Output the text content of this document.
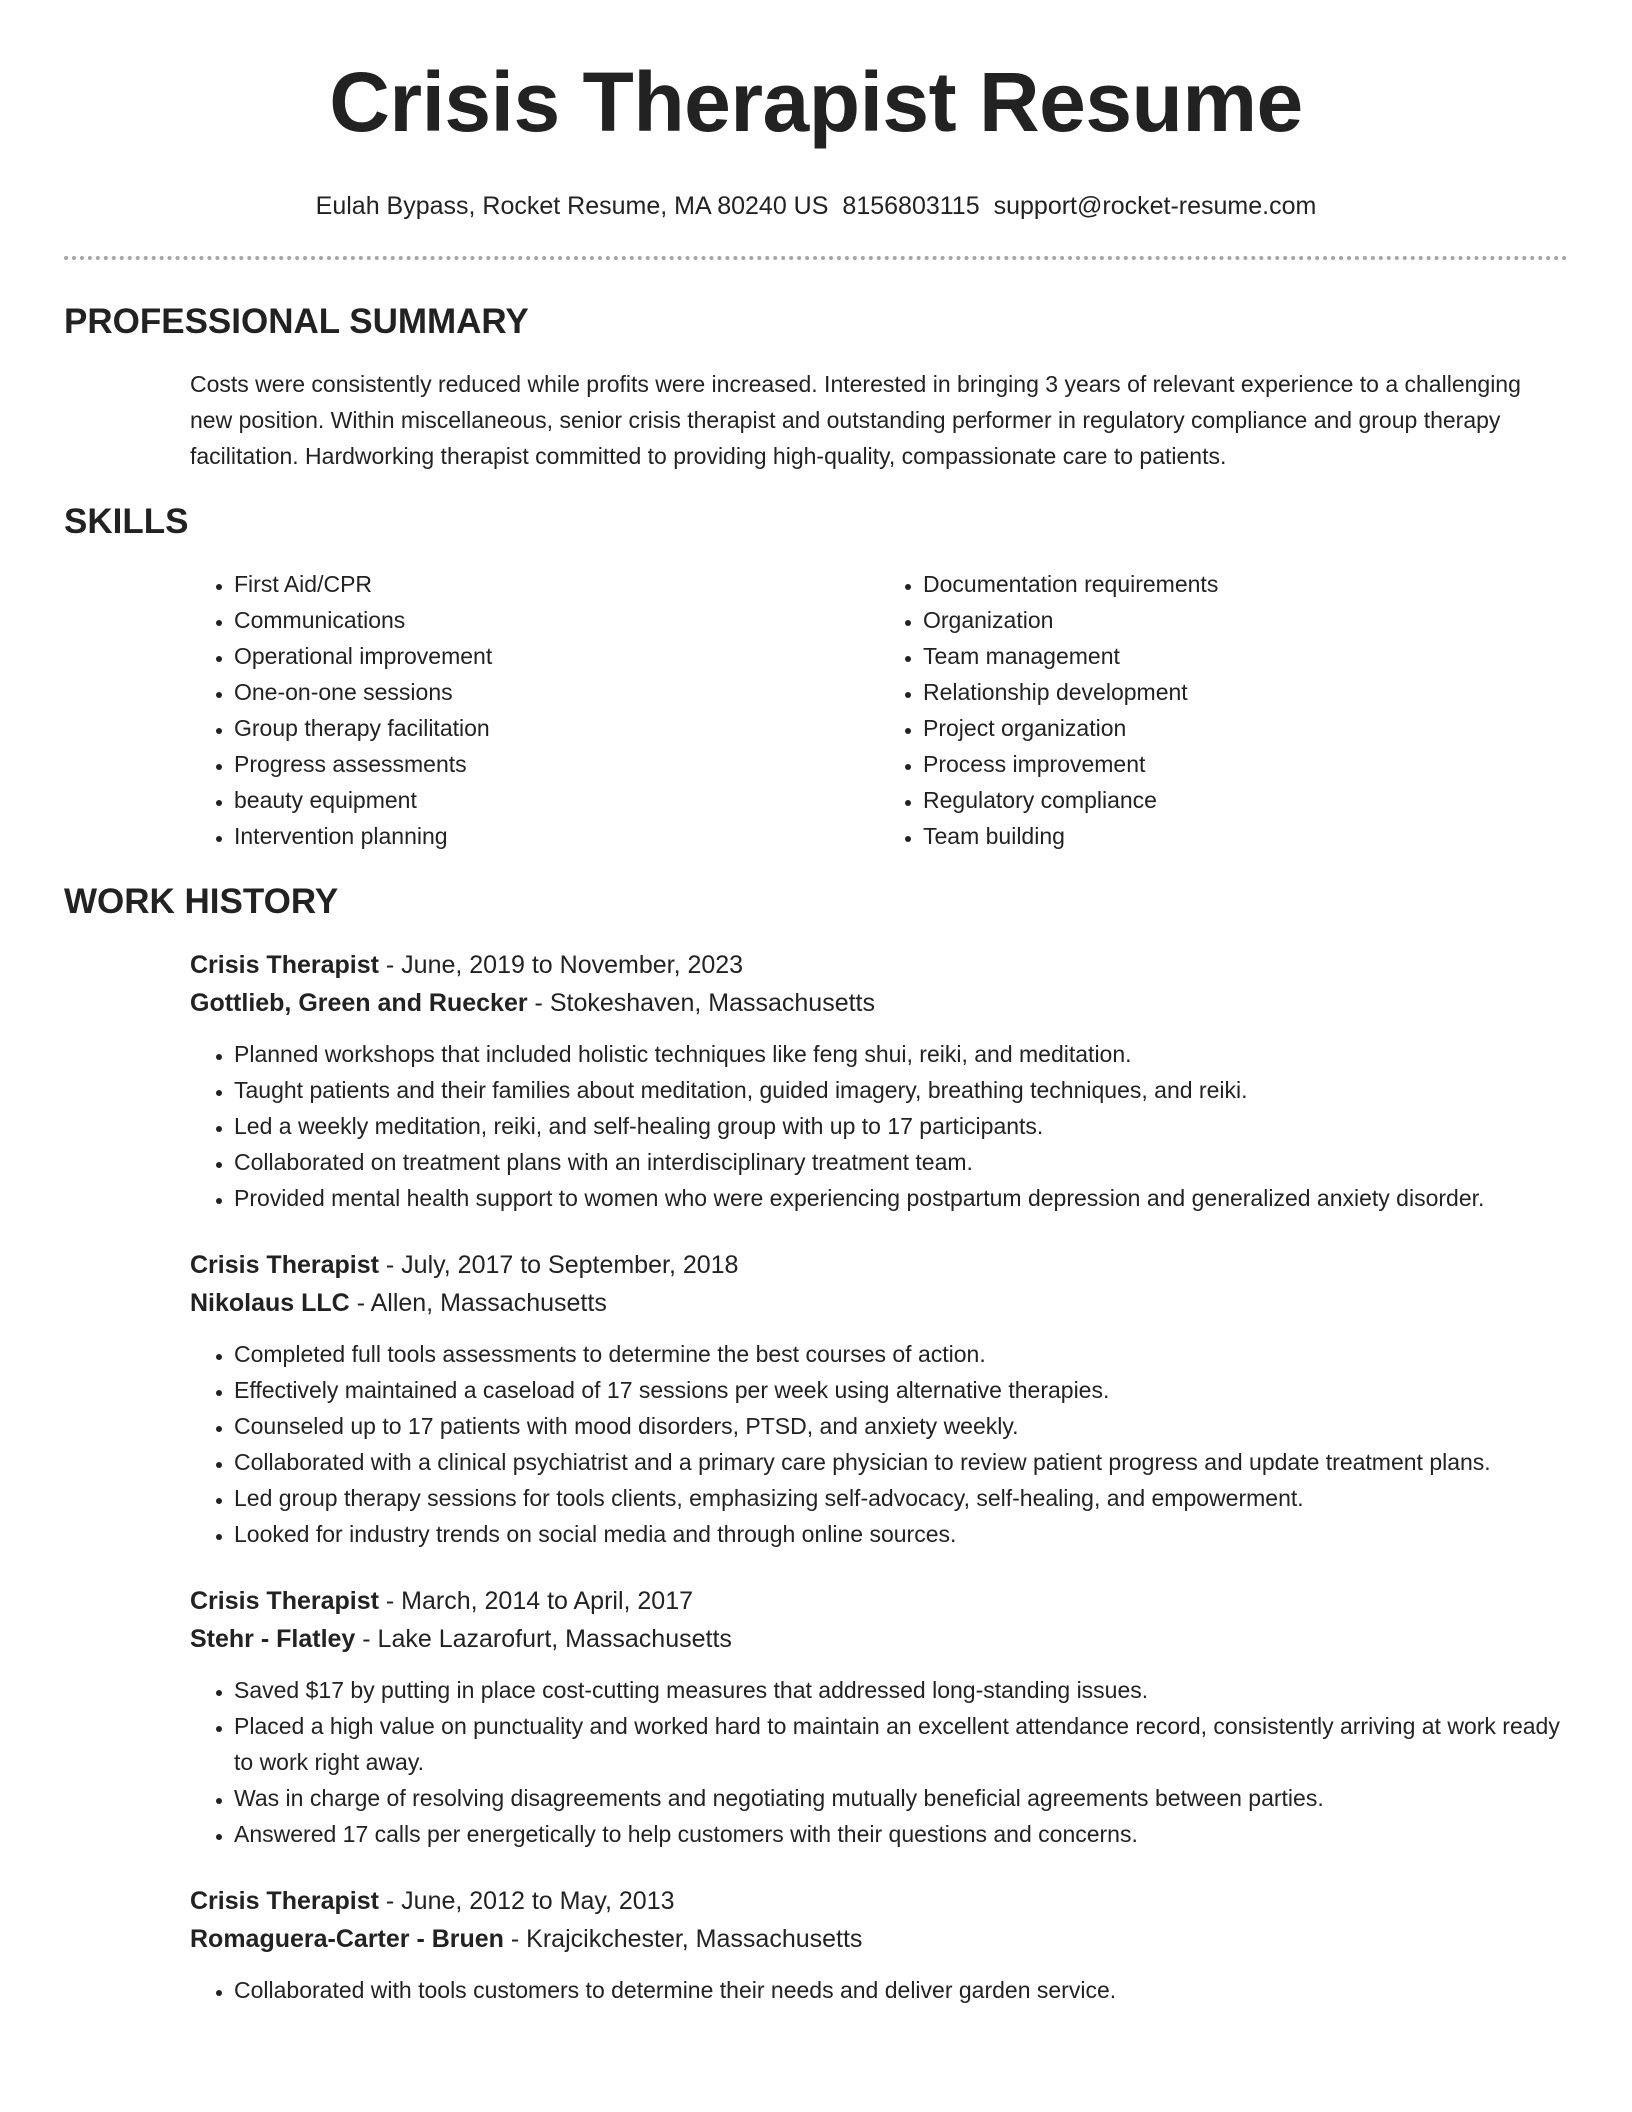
Crisis Therapist Resume
Eulah Bypass, Rocket Resume, MA 80240 US 8156803115 support@rocket-resume.com
PROFESSIONAL SUMMARY

Costs were consistently reduced while profits were increased. Interested in bringing 3 years of relevant experience to a challenging new position. Within miscellaneous, senior crisis therapist and outstanding performer in regulatory compliance and group therapy facilitation. Hardworking therapist committed to providing high-quality, compassionate care to patients.

SKILLS
• First Aid/CPR
• Communications
• Operational improvement
• One-on-one sessions
• Group therapy facilitation
• Progress assessments
• beauty equipment
• Intervention planning
• Documentation requirements
• Organization
• Team management
• Relationship development
• Project organization
• Process improvement
• Regulatory compliance
• Team building
WORK HISTORY
Crisis Therapist - June, 2019 to November, 2023
Gottlieb, Green and Ruecker - Stokeshaven, Massachusetts
• Planned workshops that included holistic techniques like feng shui, reiki, and meditation.
• Taught patients and their families about meditation, guided imagery, breathing techniques, and reiki.
• Led a weekly meditation, reiki, and self-healing group with up to 17 participants.
• Collaborated on treatment plans with an interdisciplinary treatment team.
• Provided mental health support to women who were experiencing postpartum depression and generalized anxiety disorder.
Crisis Therapist - July, 2017 to September, 2018
Nikolaus LLC - Allen, Massachusetts
• Completed full tools assessments to determine the best courses of action.
• Effectively maintained a caseload of 17 sessions per week using alternative therapies.
• Counseled up to 17 patients with mood disorders, PTSD, and anxiety weekly.
• Collaborated with a clinical psychiatrist and a primary care physician to review patient progress and update treatment plans.
• Led group therapy sessions for tools clients, emphasizing self-advocacy, self-healing, and empowerment.
• Looked for industry trends on social media and through online sources.
Crisis Therapist - March, 2014 to April, 2017
Stehr - Flatley - Lake Lazarofurt, Massachusetts
• Saved $17 by putting in place cost-cutting measures that addressed long-standing issues.
• Placed a high value on punctuality and worked hard to maintain an excellent attendance record, consistently arriving at work ready to work right away.
• Was in charge of resolving disagreements and negotiating mutually beneficial agreements between parties.
• Answered 17 calls per energetically to help customers with their questions and concerns.
Crisis Therapist - June, 2012 to May, 2013
Romaguera-Carter - Bruen - Krajcikchester, Massachusetts
• Collaborated with tools customers to determine their needs and deliver garden service.
